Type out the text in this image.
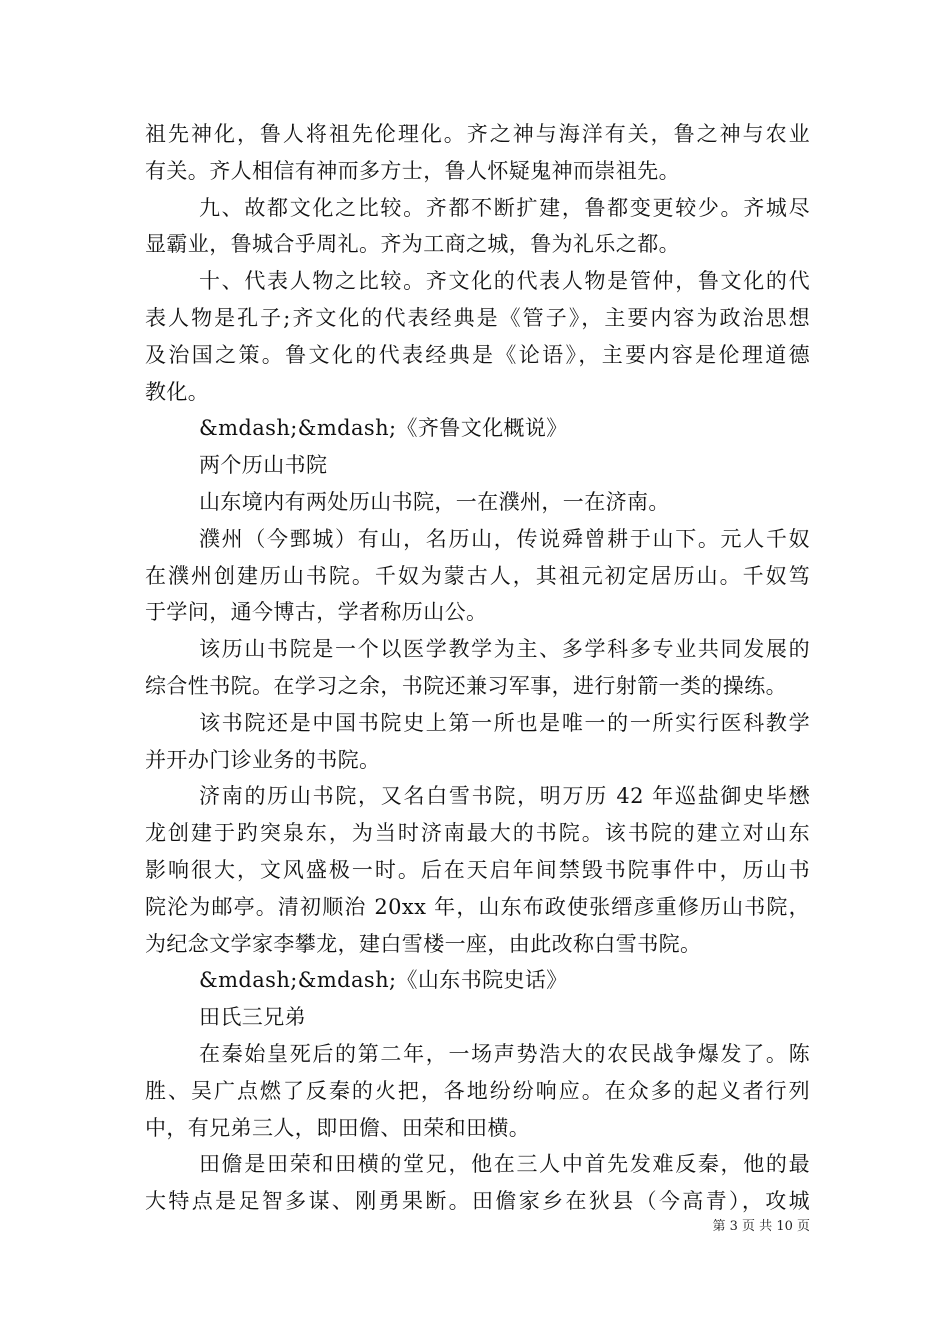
祖先神化，鲁人将祖先伦理化。齐之神与海洋有关，鲁之神与农业
有关。齐人相信有神而多方士，鲁人怀疑鬼神而崇祖先。
九、故都文化之比较。齐都不断扩建，鲁都变更较少。齐城尽
显霸业，鲁城合乎周礼。齐为工商之城，鲁为礼乐之都。
十、代表人物之比较。齐文化的代表人物是管仲，鲁文化的代
表人物是孔子;齐文化的代表经典是《管子》，主要内容为政治思想
及治国之策。鲁文化的代表经典是《论语》，主要内容是伦理道德
教化。
&mdash;&mdash;《齐鲁文化概说》
两个历山书院
山东境内有两处历山书院，一在濮州，一在济南。
濮州（今鄄城）有山，名历山，传说舜曾耕于山下。元人千奴
在濮州创建历山书院。千奴为蒙古人，其祖元初定居历山。千奴笃
于学问，通今博古，学者称历山公。
该历山书院是一个以医学教学为主、多学科多专业共同发展的
综合性书院。在学习之余，书院还兼习军事，进行射箭一类的操练。
该书院还是中国书院史上第一所也是唯一的一所实行医科教学
并开办门诊业务的书院。
济南的历山书院，又名白雪书院，明万历 42 年巡盐御史毕懋
龙创建于趵突泉东，为当时济南最大的书院。该书院的建立对山东
影响很大，文风盛极一时。后在天启年间禁毁书院事件中，历山书
院沦为邮亭。清初顺治 20xx 年，山东布政使张缙彦重修历山书院，
为纪念文学家李攀龙，建白雪楼一座，由此改称白雪书院。
&mdash;&mdash;《山东书院史话》
田氏三兄弟
在秦始皇死后的第二年，一场声势浩大的农民战争爆发了。陈
胜、吴广点燃了反秦的火把，各地纷纷响应。在众多的起义者行列
中，有兄弟三人，即田儋、田荣和田横。
田儋是田荣和田横的堂兄，他在三人中首先发难反秦，他的最
大特点是足智多谋、刚勇果断。田儋家乡在狄县（今高青），攻城
第 3 页 共 10 页
